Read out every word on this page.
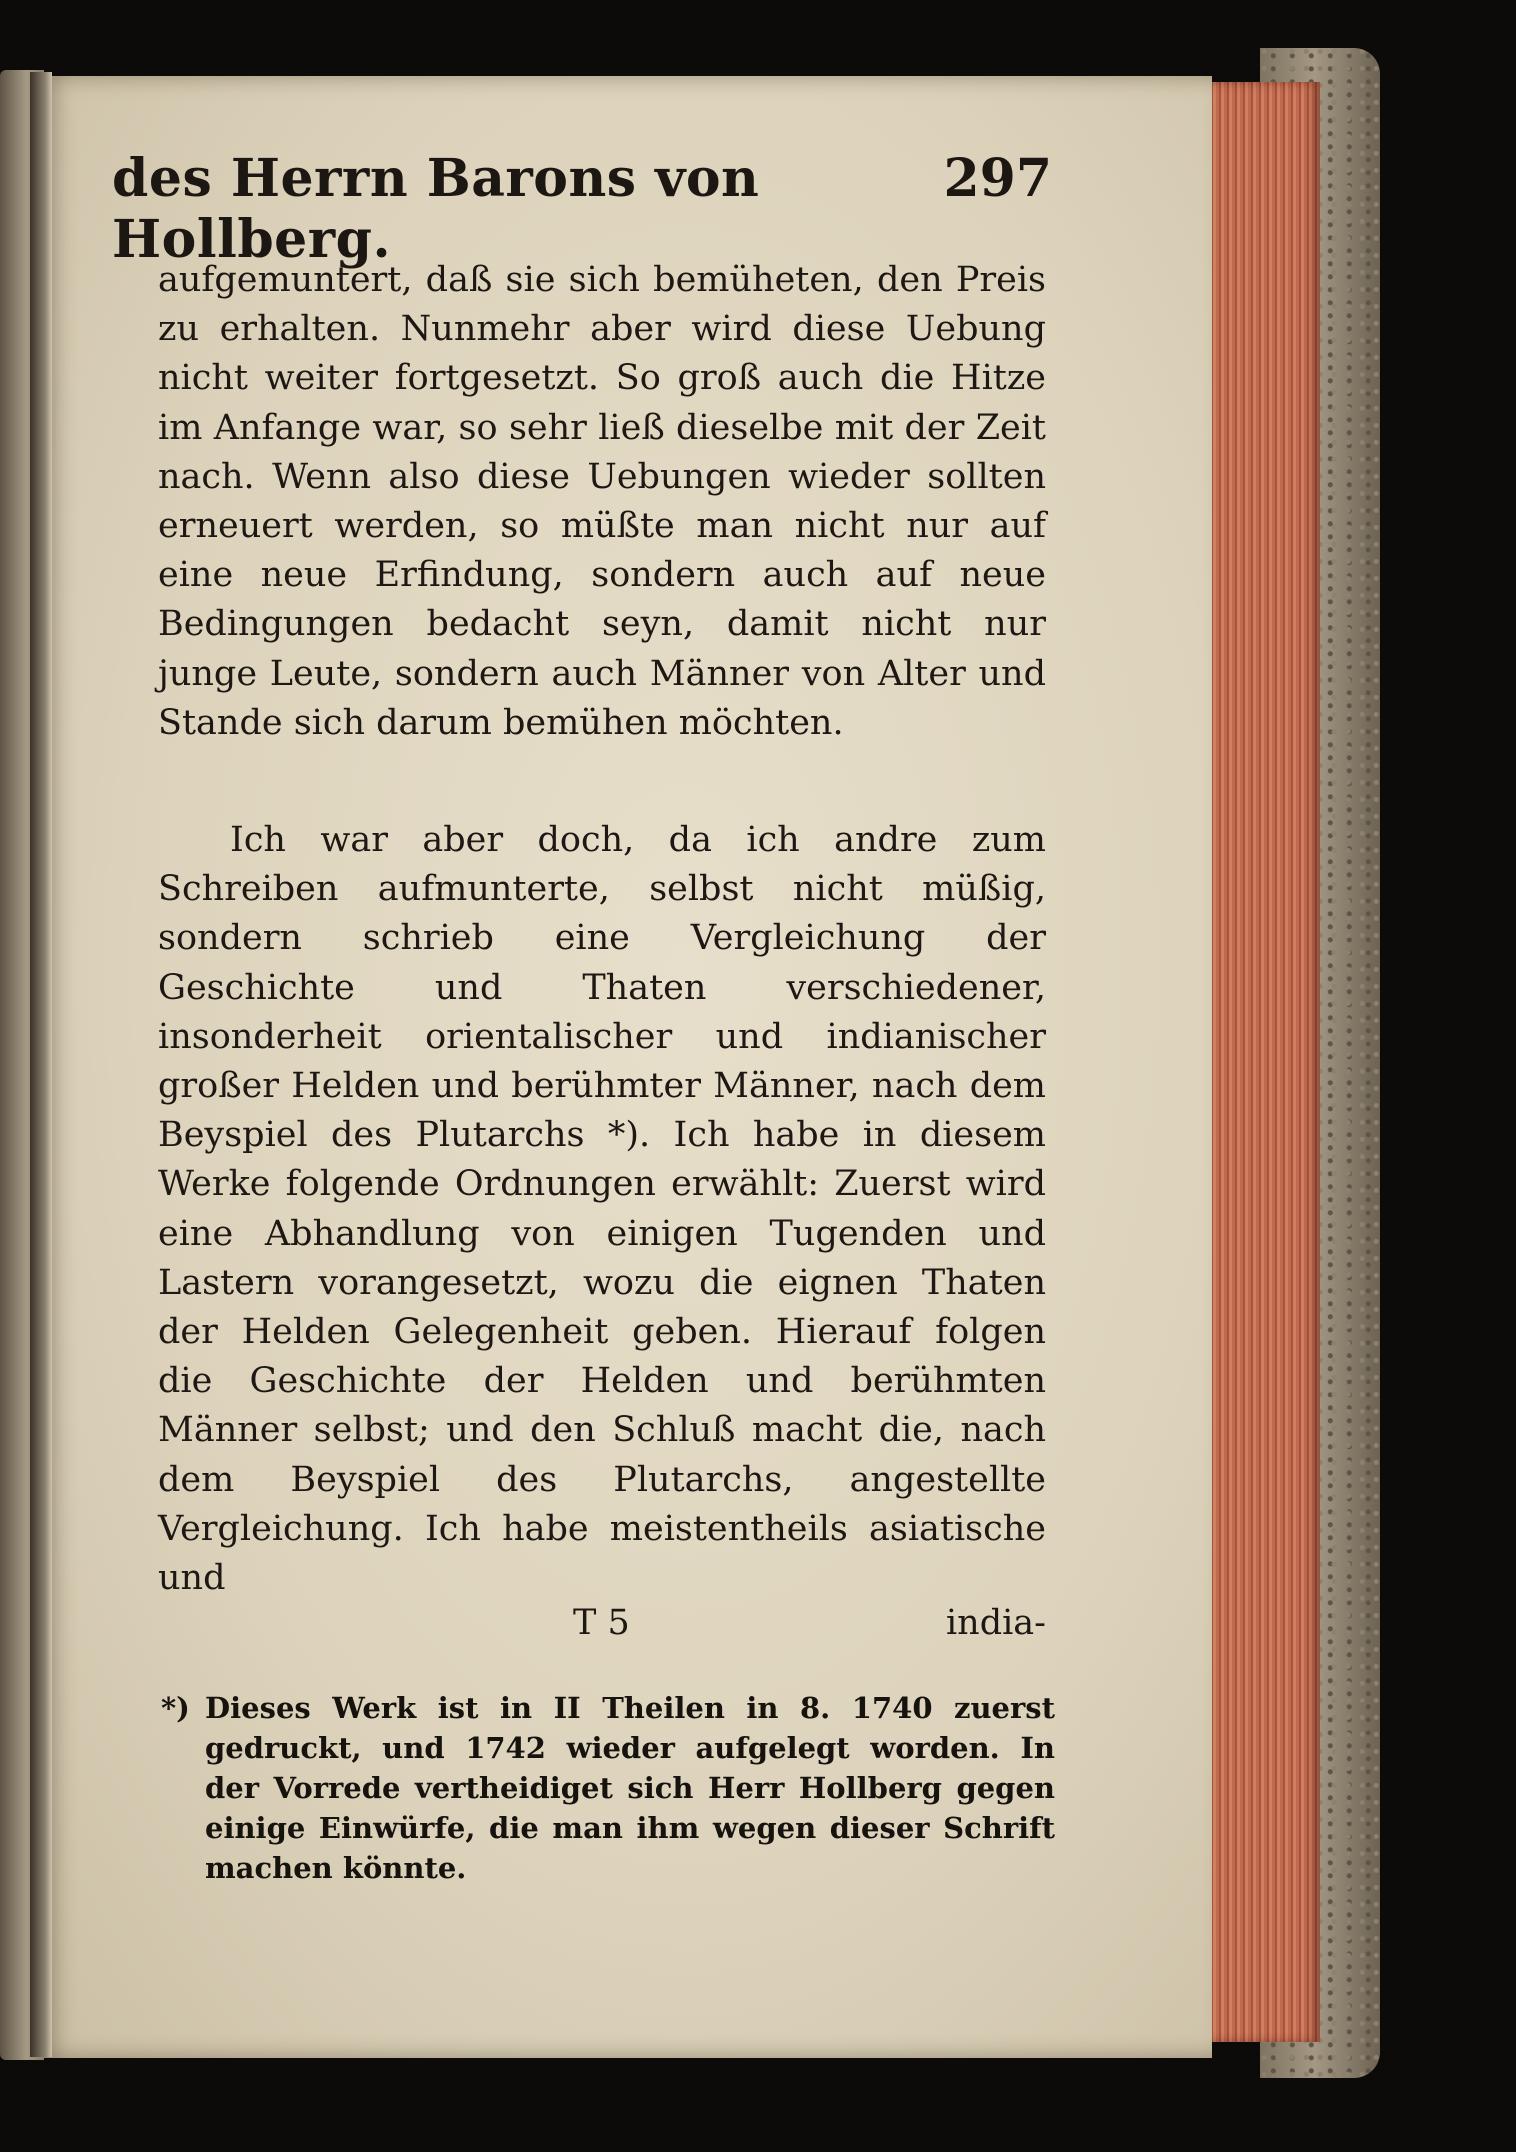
des Herrn Barons von Hollberg.
297

aufgemuntert, daß sie sich bemüheten, den Preis zu erhalten. Nunmehr aber wird diese Uebung nicht weiter fortgesetzt. So groß auch die Hitze im Anfange war, so sehr ließ dieselbe mit der Zeit nach. Wenn also diese Uebungen wieder sollten erneuert werden, so müßte man nicht nur auf eine neue Erfindung, sondern auch auf neue Bedingungen bedacht seyn, damit nicht nur junge Leute, sondern auch Männer von Alter und Stande sich darum bemühen möchten.

Ich war aber doch, da ich andre zum Schreiben aufmunterte, selbst nicht müßig, sondern schrieb eine Vergleichung der Geschichte und Thaten verschiedener, insonderheit orientalischer und indianischer großer Helden und berühmter Männer, nach dem Beyspiel des Plutarchs *). Ich habe in diesem Werke folgende Ordnungen erwählt: Zuerst wird eine Abhandlung von einigen Tugenden und Lastern vorangesetzt, wozu die eignen Thaten der Helden Gelegenheit geben. Hierauf folgen die Geschichte der Helden und berühmten Männer selbst; und den Schluß macht die, nach dem Beyspiel des Plutarchs, angestellte Vergleichung. Ich habe meistentheils asiatische und

T 5	india-
*) Dieses Werk ist in II Theilen in 8. 1740 zuerst gedruckt, und 1742 wieder aufgelegt worden. In der Vorrede vertheidiget sich Herr Hollberg gegen einige Einwürfe, die man ihm wegen dieser Schrift machen könnte.
